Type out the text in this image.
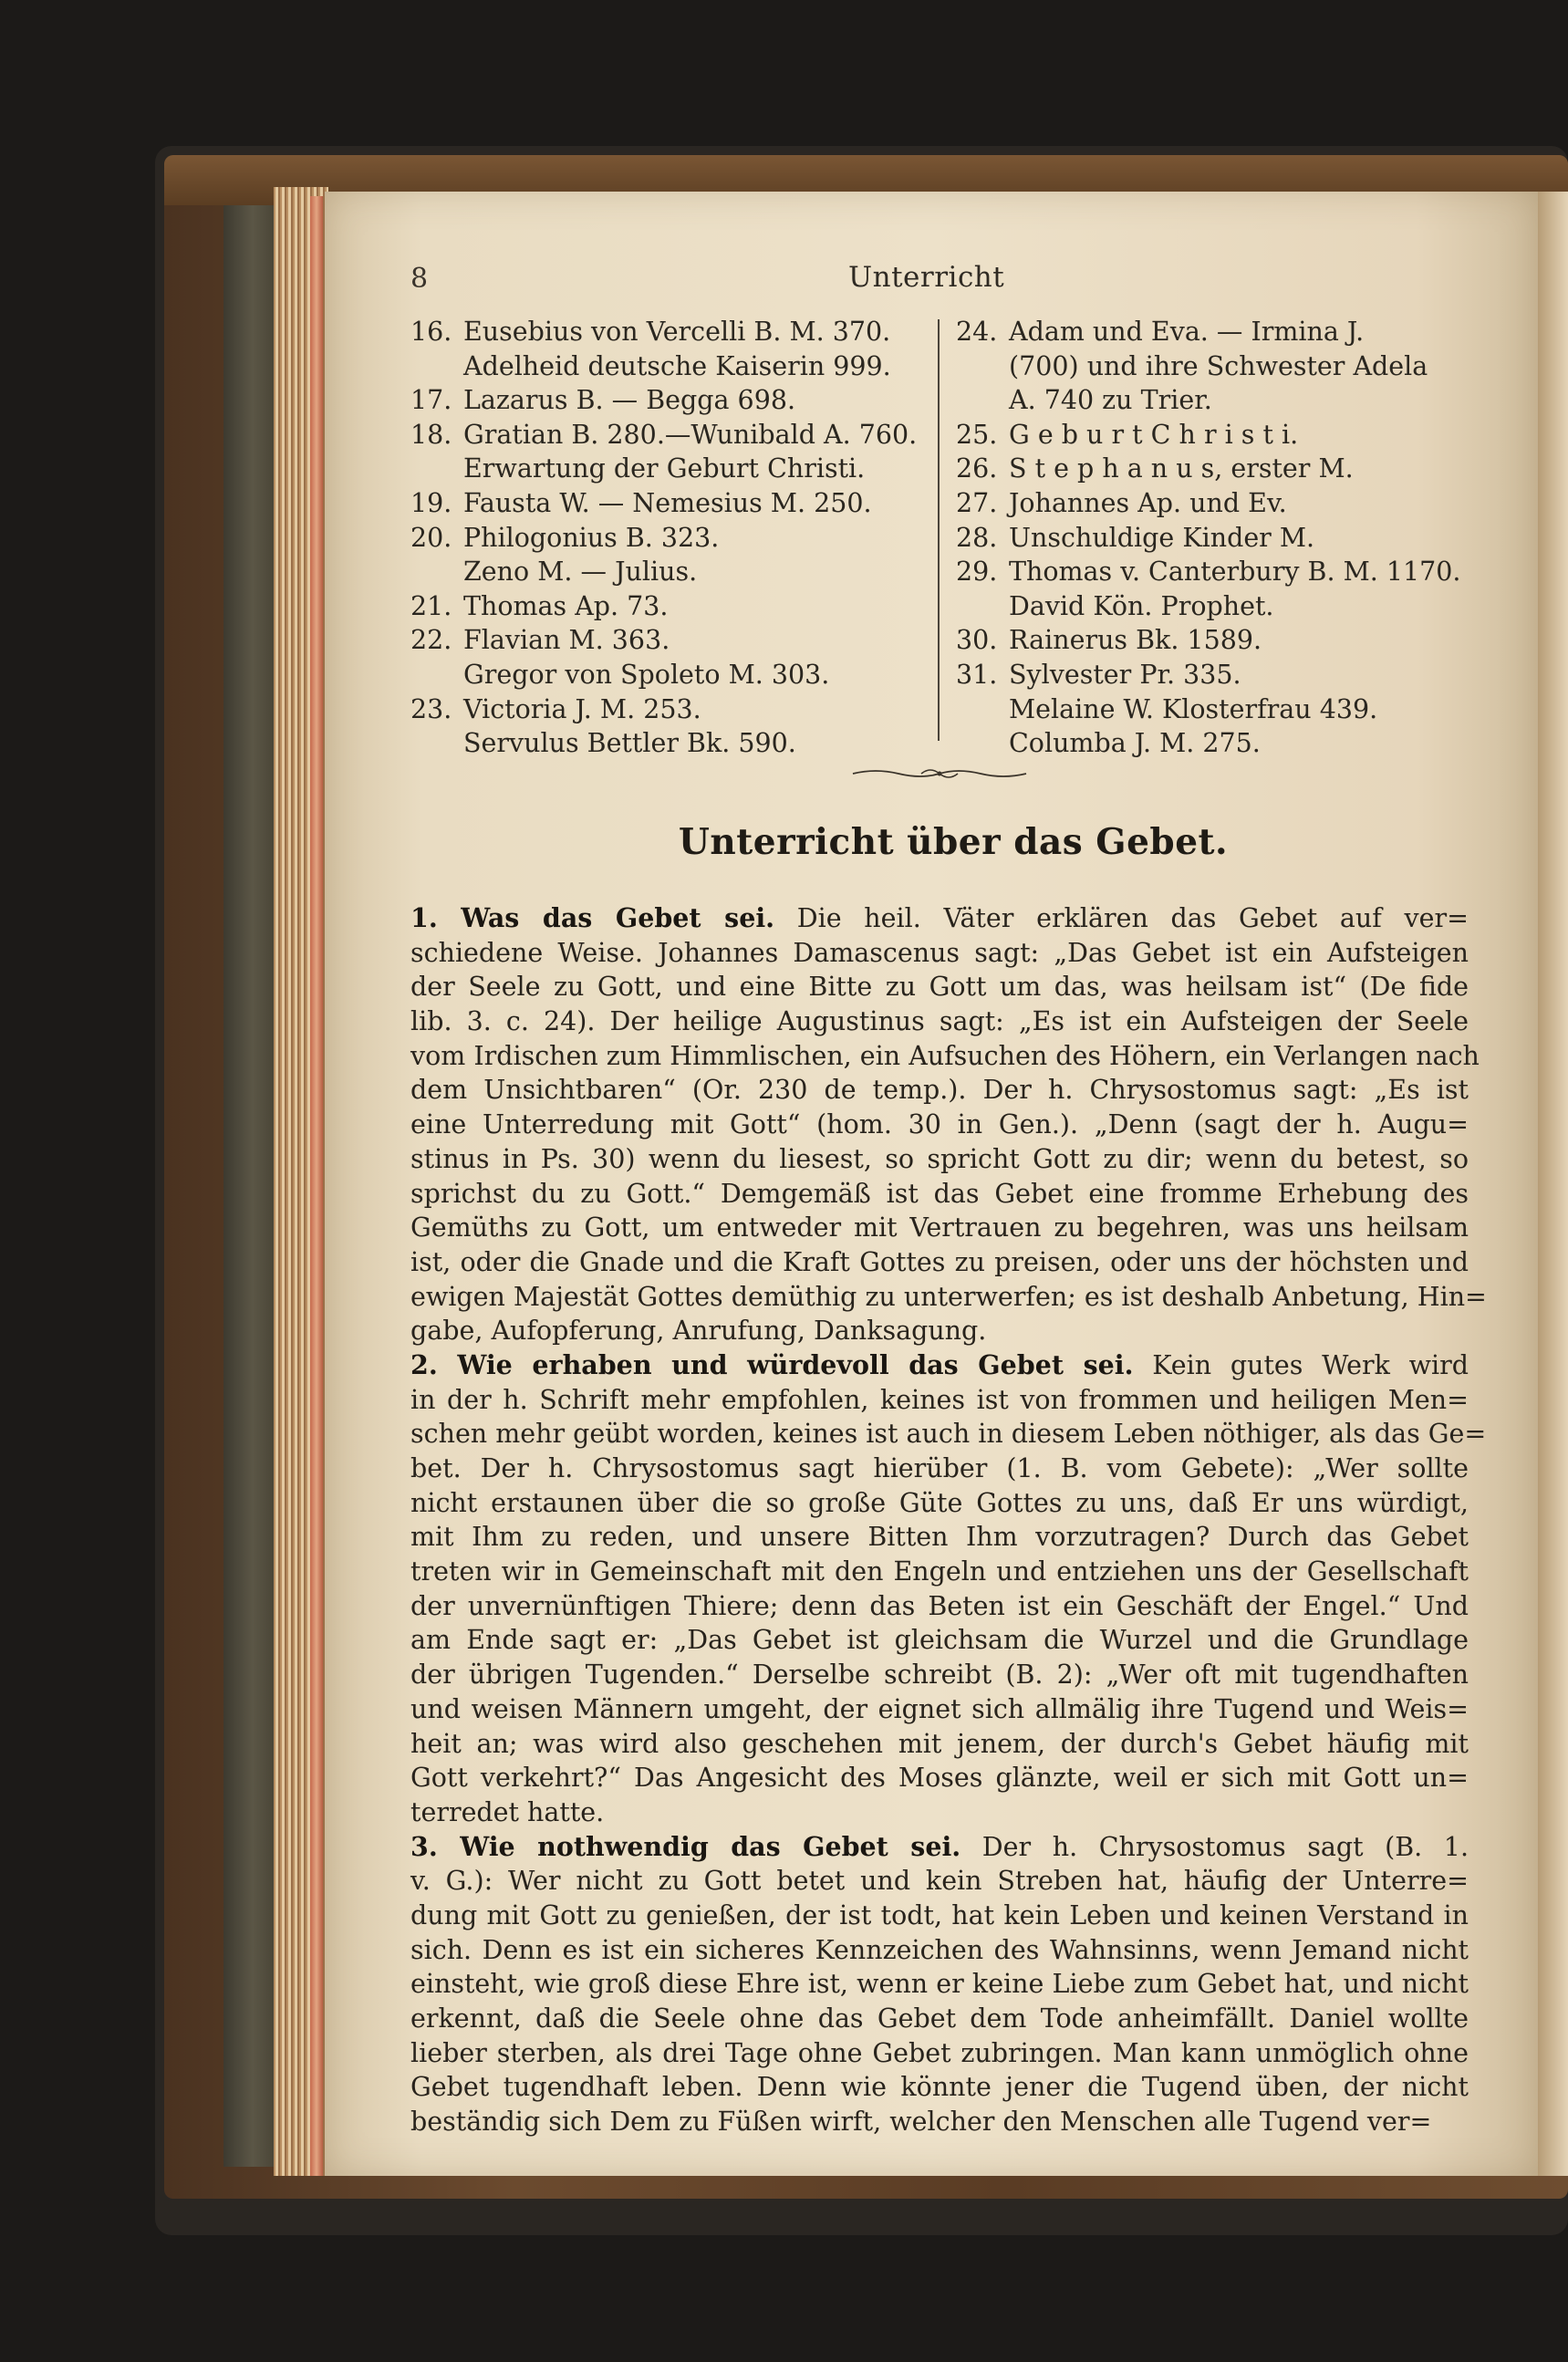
8	Unterricht
16. Eusebius von Vercelli B. M. 370.
Adelheid deutsche Kaiserin 999.
17. Lazarus B. — Begga 698.
18. Gratian B. 280.—Wunibald A. 760.
Erwartung der Geburt Christi.
19. Fausta W. — Nemesius M. 250.
20. Philogonius B. 323.
Zeno M. — Julius.
21. Thomas Ap. 73.
22. Flavian M. 363.
Gregor von Spoleto M. 303.
23. Victoria J. M. 253.
Servulus Bettler Bk. 590.
24. Adam und Eva. — Irmina J.
(700) und ihre Schwester Adela
A. 740 zu Trier.
25. G e b u r t C h r i s t i.
26. S t e p h a n u s, erster M.
27. Johannes Ap. und Ev.
28. Unschuldige Kinder M.
29. Thomas v. Canterbury B. M. 1170.
David Kön. Prophet.
30. Rainerus Bk. 1589.
31. Sylvester Pr. 335.
Melaine W. Klosterfrau 439.
Columba J. M. 275.
Unterricht über das Gebet.
1. Was das Gebet sei. Die heil. Väter erklären das Gebet auf ver=
schiedene Weise. Johannes Damascenus sagt: „Das Gebet ist ein Aufsteigen
der Seele zu Gott, und eine Bitte zu Gott um das, was heilsam ist“ (De fide
lib. 3. c. 24). Der heilige Augustinus sagt: „Es ist ein Aufsteigen der Seele
vom Irdischen zum Himmlischen, ein Aufsuchen des Höhern, ein Verlangen nach
dem Unsichtbaren“ (Or. 230 de temp.). Der h. Chrysostomus sagt: „Es ist
eine Unterredung mit Gott“ (hom. 30 in Gen.). „Denn (sagt der h. Augu=
stinus in Ps. 30) wenn du liesest, so spricht Gott zu dir; wenn du betest, so
sprichst du zu Gott.“ Demgemäß ist das Gebet eine fromme Erhebung des
Gemüths zu Gott, um entweder mit Vertrauen zu begehren, was uns heilsam
ist, oder die Gnade und die Kraft Gottes zu preisen, oder uns der höchsten und
ewigen Majestät Gottes demüthig zu unterwerfen; es ist deshalb Anbetung, Hin=
gabe, Aufopferung, Anrufung, Danksagung.
2. Wie erhaben und würdevoll das Gebet sei. Kein gutes Werk wird
in der h. Schrift mehr empfohlen, keines ist von frommen und heiligen Men=
schen mehr geübt worden, keines ist auch in diesem Leben nöthiger, als das Ge=
bet. Der h. Chrysostomus sagt hierüber (1. B. vom Gebete): „Wer sollte
nicht erstaunen über die so große Güte Gottes zu uns, daß Er uns würdigt,
mit Ihm zu reden, und unsere Bitten Ihm vorzutragen? Durch das Gebet
treten wir in Gemeinschaft mit den Engeln und entziehen uns der Gesellschaft
der unvernünftigen Thiere; denn das Beten ist ein Geschäft der Engel.“ Und
am Ende sagt er: „Das Gebet ist gleichsam die Wurzel und die Grundlage
der übrigen Tugenden.“ Derselbe schreibt (B. 2): „Wer oft mit tugendhaften
und weisen Männern umgeht, der eignet sich allmälig ihre Tugend und Weis=
heit an; was wird also geschehen mit jenem, der durch's Gebet häufig mit
Gott verkehrt?“ Das Angesicht des Moses glänzte, weil er sich mit Gott un=
terredet hatte.
3. Wie nothwendig das Gebet sei. Der h. Chrysostomus sagt (B. 1.
v. G.): Wer nicht zu Gott betet und kein Streben hat, häufig der Unterre=
dung mit Gott zu genießen, der ist todt, hat kein Leben und keinen Verstand in
sich. Denn es ist ein sicheres Kennzeichen des Wahnsinns, wenn Jemand nicht
einsteht, wie groß diese Ehre ist, wenn er keine Liebe zum Gebet hat, und nicht
erkennt, daß die Seele ohne das Gebet dem Tode anheimfällt. Daniel wollte
lieber sterben, als drei Tage ohne Gebet zubringen. Man kann unmöglich ohne
Gebet tugendhaft leben. Denn wie könnte jener die Tugend üben, der nicht
beständig sich Dem zu Füßen wirft, welcher den Menschen alle Tugend ver=
